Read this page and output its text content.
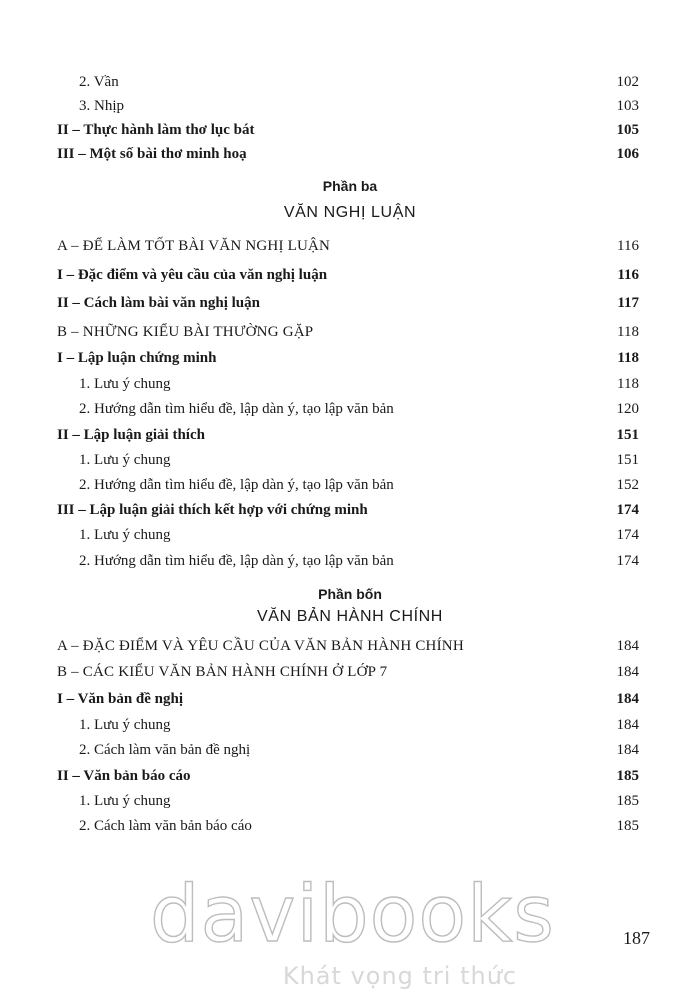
2. Vần	102
3. Nhịp	103
II – Thực hành làm thơ lục bát	105
III – Một số bài thơ minh hoạ	106
Phần ba
VĂN NGHỊ LUẬN
A – ĐỂ LÀM TỐT BÀI VĂN NGHỊ LUẬN	116
I – Đặc điểm và yêu cầu của văn nghị luận	116
II – Cách làm bài văn nghị luận	117
B – NHỮNG KIỂU BÀI THƯỜNG GẶP	118
I – Lập luận chứng minh	118
1. Lưu ý chung	118
2. Hướng dẫn tìm hiểu đề, lập dàn ý, tạo lập văn bản	120
II – Lập luận giải thích	151
1. Lưu ý chung	151
2. Hướng dẫn tìm hiểu đề, lập dàn ý, tạo lập văn bản	152
III – Lập luận giải thích kết hợp với chứng minh	174
1. Lưu ý chung	174
2. Hướng dẫn tìm hiểu đề, lập dàn ý, tạo lập văn bản	174
Phần bốn
VĂN BẢN HÀNH CHÍNH
A – ĐẶC ĐIỂM VÀ YÊU CẦU CỦA VĂN BẢN HÀNH CHÍNH	184
B – CÁC KIỂU VĂN BẢN HÀNH CHÍNH Ở LỚP 7	184
I – Văn bản đề nghị	184
1. Lưu ý chung	184
2. Cách làm văn bản đề nghị	184
II – Văn bản báo cáo	185
1. Lưu ý chung	185
2. Cách làm văn bản báo cáo	185
davibooks
Khát vọng tri thức
187
